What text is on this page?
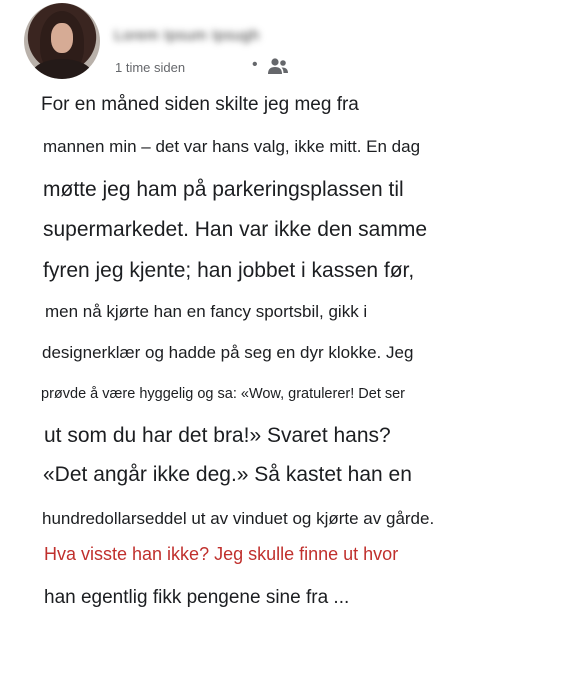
Lorem Ipsum Ipsugh
1 time siden	•
For en måned siden skilte jeg meg fra
mannen min – det var hans valg, ikke mitt. En dag
møtte jeg ham på parkeringsplassen til
supermarkedet. Han var ikke den samme
fyren jeg kjente; han jobbet i kassen før,
men nå kjørte han en fancy sportsbil, gikk i
designerklær og hadde på seg en dyr klokke. Jeg
prøvde å være hyggelig og sa: «Wow, gratulerer! Det ser
ut som du har det bra!» Svaret hans?
«Det angår ikke deg.» Så kastet han en
hundredollarseddel ut av vinduet og kjørte av gårde.
Hva visste han ikke? Jeg skulle finne ut hvor
han egentlig fikk pengene sine fra ...
